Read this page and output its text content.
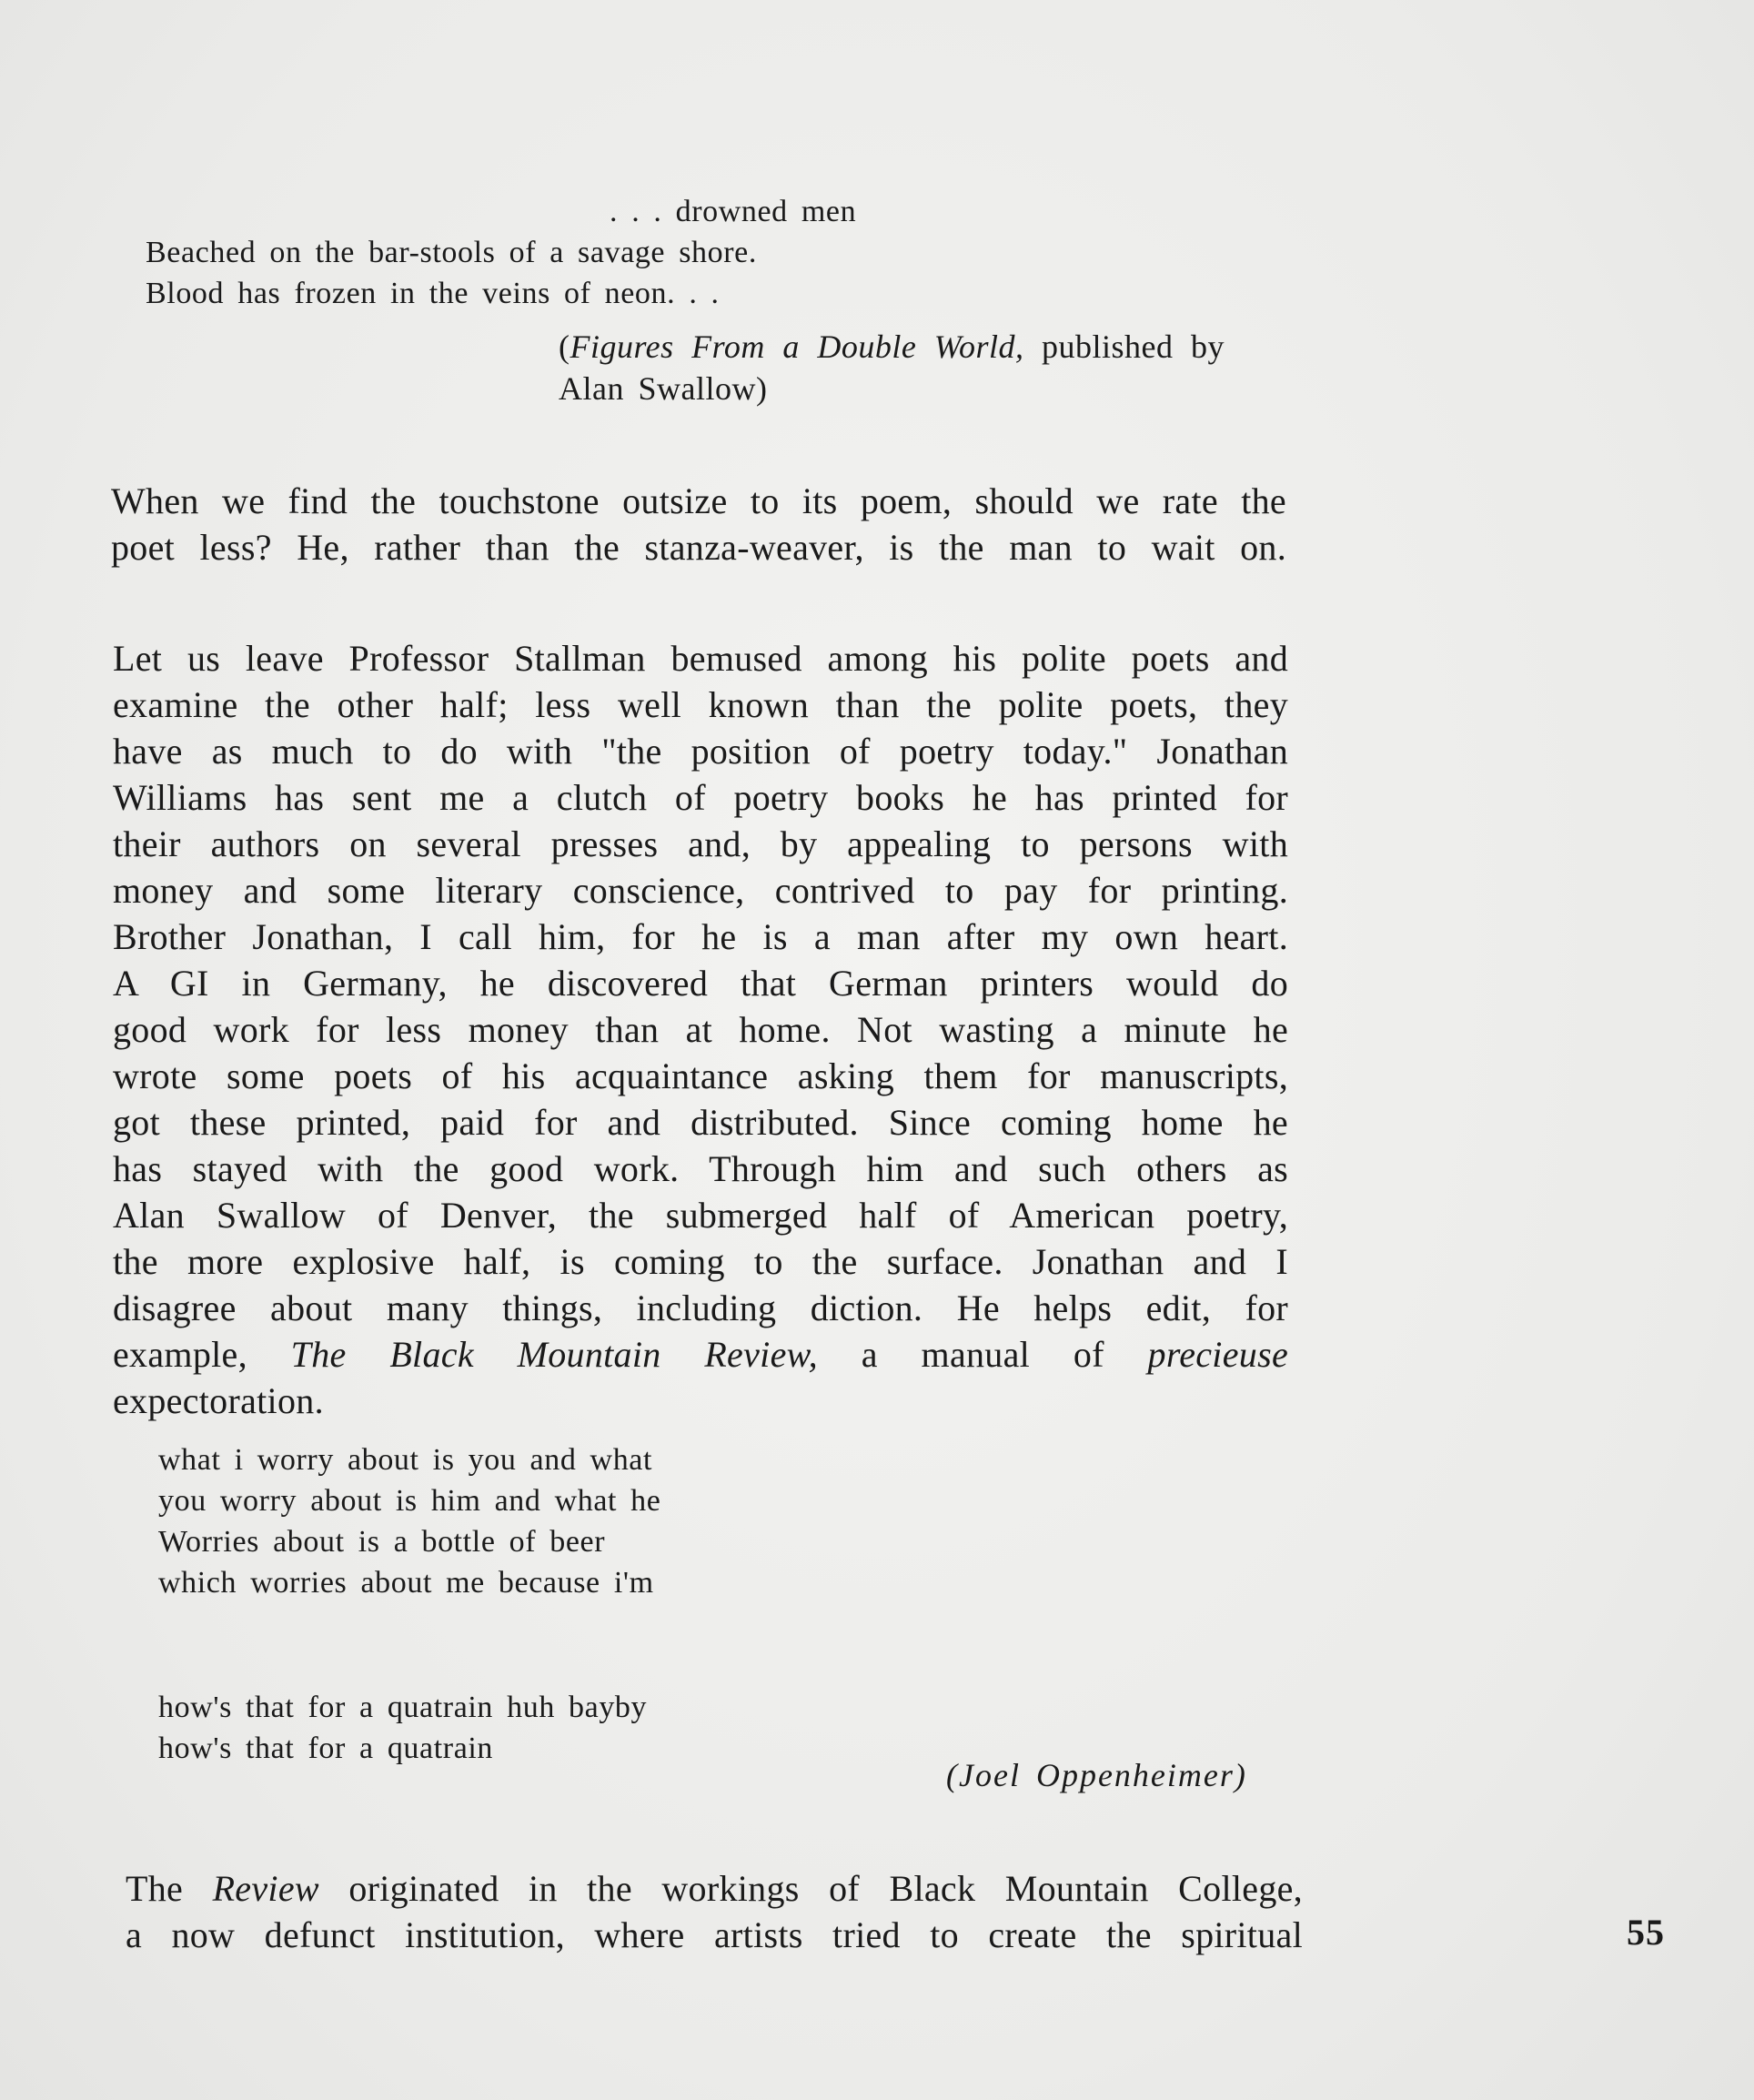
. . . drowned men
Beached on the bar-stools of a savage shore.
Blood has frozen in the veins of neon. . .
(Figures From a Double World, published by
Alan Swallow)
When we find the touchstone outsize to its poem, should we rate the
poet less? He, rather than the stanza-weaver, is the man to wait on.
Let us leave Professor Stallman bemused among his polite poets and
examine the other half; less well known than the polite poets, they
have as much to do with "the position of poetry today." Jonathan
Williams has sent me a clutch of poetry books he has printed for
their authors on several presses and, by appealing to persons with
money and some literary conscience, contrived to pay for printing.
Brother Jonathan, I call him, for he is a man after my own heart.
A GI in Germany, he discovered that German printers would do
good work for less money than at home. Not wasting a minute he
wrote some poets of his acquaintance asking them for manuscripts,
got these printed, paid for and distributed. Since coming home he
has stayed with the good work. Through him and such others as
Alan Swallow of Denver, the submerged half of American poetry,
the more explosive half, is coming to the surface. Jonathan and I
disagree about many things, including diction. He helps edit, for
example, The Black Mountain Review, a manual of precieuse
expectoration.
what i worry about is you and what
you worry about is him and what he
Worries about is a bottle of beer
which worries about me because i'm
how's that for a quatrain huh bayby
how's that for a quatrain
(Joel Oppenheimer)
The Review originated in the workings of Black Mountain College,
a now defunct institution, where artists tried to create the spiritual	55
